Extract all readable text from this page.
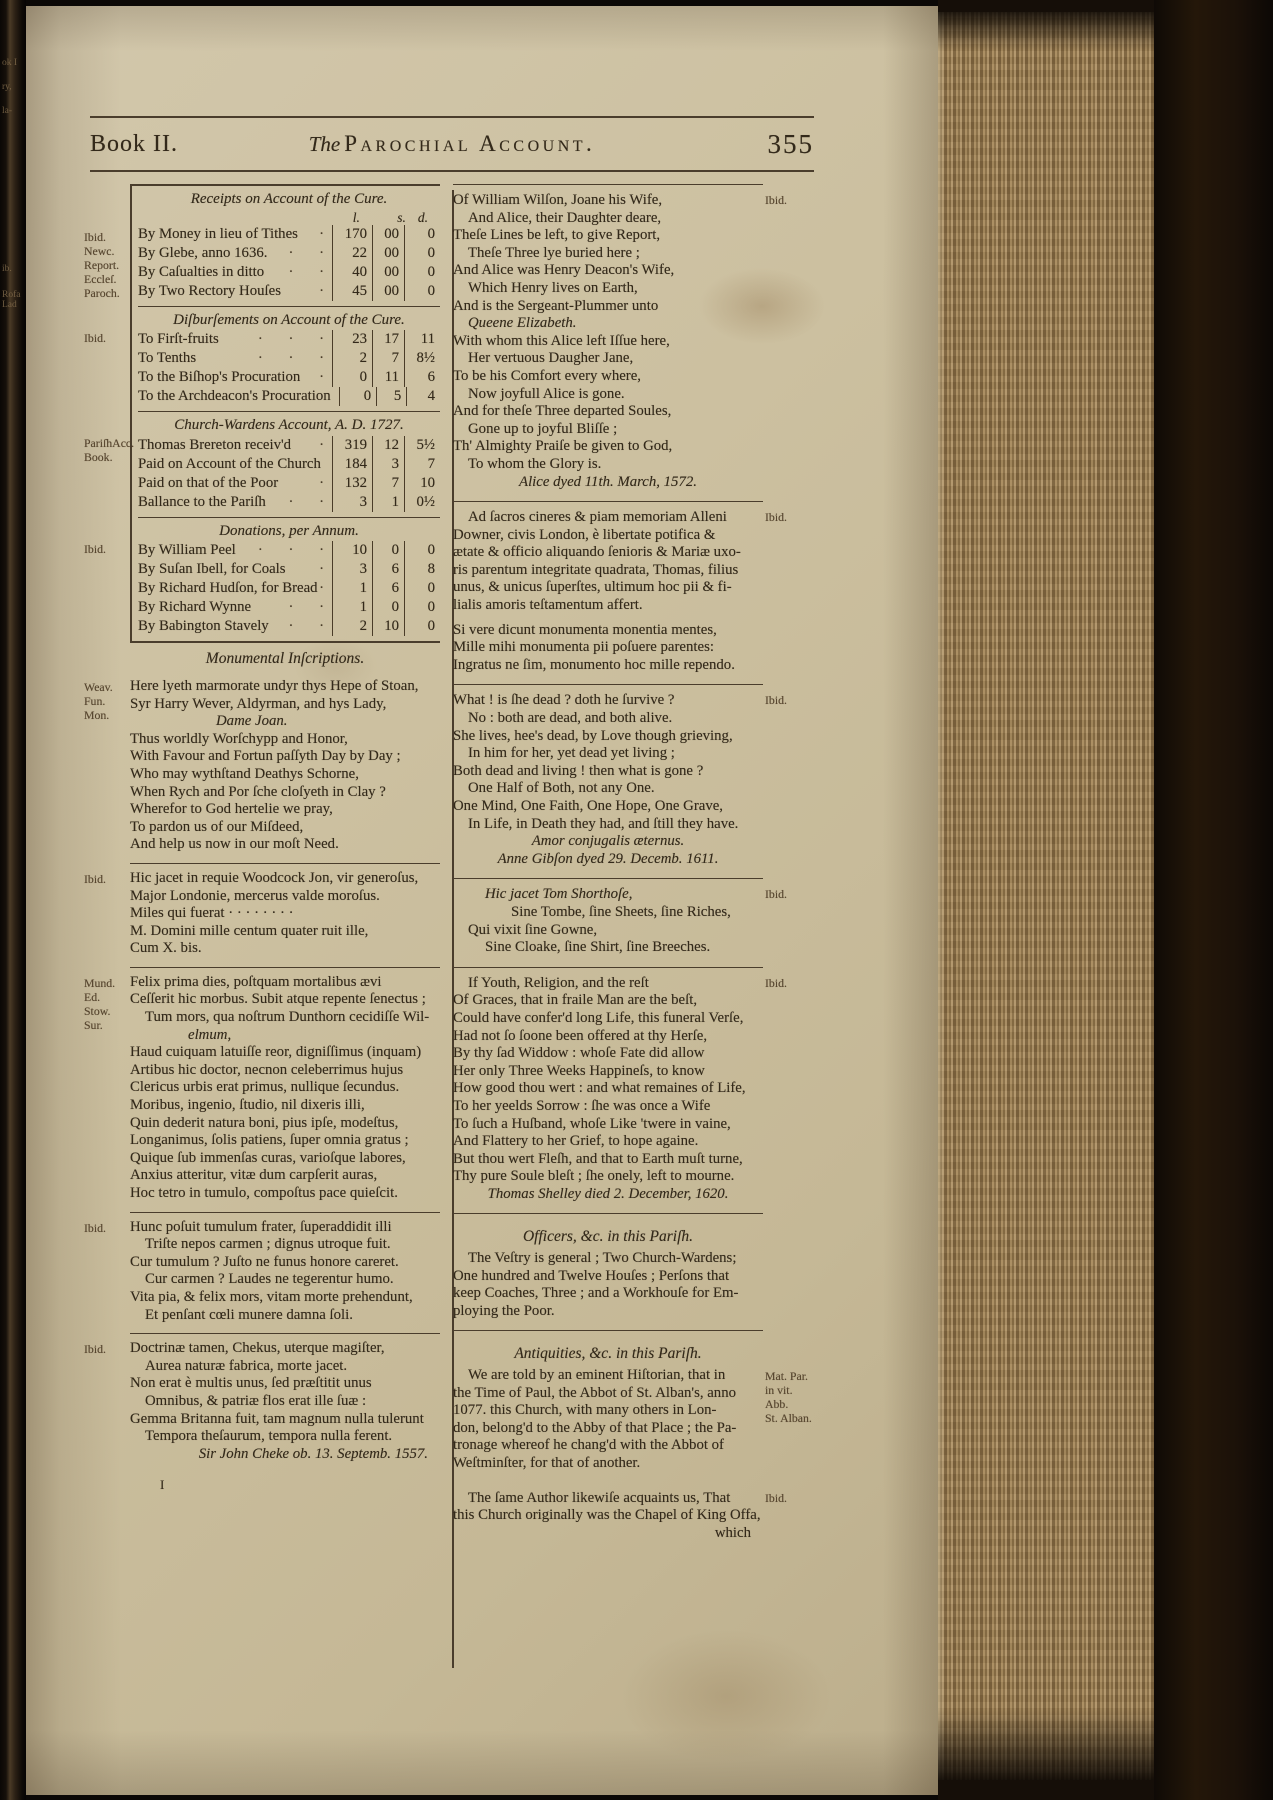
ok I
ry,
la-
ib.
Rofa
Lad
Book II.	The Parochial Account.	355
Ibid.
Newc.
Report.
Eccleſ.
Paroch.
Receipts on Account of the Cure.
l.	s. d.
By Money in lieu of Tithes ·	170	00	0
By Glebe, anno 1636. · ·	22	00	0
By Caſualties in ditto · ·	40	00	0
By Two Rectory Houſes	·	45	00	0
Ibid.
Diſburſements on Account of the Cure.
To Firſt-fruits	· · ·	23	17	11
To Tenths	· · ·	2	7	8½
To the Biſhop's Procuration ·	0	11	6
To the Archdeacon's Procuration	0	5	4
PariſhAcc.
Book.
Church-Wardens Account, A. D. 1727.
Thomas Brereton receiv'd ·	319	12	5½
Paid on Account of the Church	184	3	7
Paid on that of the Poor	·	132	7	10
Ballance to the Pariſh · ·	3	1	0½
Ibid.
Donations, per Annum.
By William Peel · · ·	10	0	0
By Suſan Ibell, for Coals ·	3	6	8
By Richard Hudſon, for Bread ·	1	6	0
By Richard Wynne	· ·	1	0	0
By Babington Stavely · ·	2	10	0
Monumental Inſcriptions.
Weav.
Fun. Mon.
Here lyeth marmorate undyr thys Hepe of Stoan,
Syr Harry Wever, Aldyrman, and hys Lady,
Dame Joan.
Thus worldly Worſchypp and Honor,
With Favour and Fortun paſſyth Day by Day ;
Who may wythſtand Deathys Schorne,
When Rych and Por ſche cloſyeth in Clay ?
Wherefor to God hertelie we pray,
To pardon us of our Miſdeed,
And help us now in our moſt Need.
Ibid.	Hic jacet in requie Woodcock Jon, vir generoſus,
Major Londonie, mercerus valde moroſus.
Miles qui fuerat · · · · · · · ·
M. Domini mille centum quater ruit ille,
Cum X. bis.
Mund. Ed.
Stow. Sur.
Felix prima dies, poſtquam mortalibus ævi
Ceſſerit hic morbus. Subit atque repente ſenectus ;
Tum mors, qua noſtrum Dunthorn cecidiſſe Wil-
elmum,
Haud cuiquam latuiſſe reor, digniſſimus (inquam)
Artibus hic doctor, necnon celeberrimus hujus
Clericus urbis erat primus, nullique ſecundus.
Moribus, ingenio, ſtudio, nil dixeris illi,
Quin dederit natura boni, pius ipſe, modeſtus,
Longanimus, ſolis patiens, ſuper omnia gratus ;
Quique ſub immenſas curas, varioſque labores,
Anxius atteritur, vitæ dum carpſerit auras,
Hoc tetro in tumulo, compoſtus pace quieſcit.
Ibid.	Hunc poſuit tumulum frater, ſuperaddidit illi
Triſte nepos carmen ; dignus utroque fuit.
Cur tumulum ? Juſto ne funus honore careret.
Cur carmen ? Laudes ne tegerentur humo.
Vita pia, & felix mors, vitam morte prehendunt,
Et penſant cœli munere damna ſoli.
Ibid.	Doctrinæ tamen, Chekus, uterque magiſter,
Aurea naturæ fabrica, morte jacet.
Non erat è multis unus, ſed præſtitit unus
Omnibus, & patriæ flos erat ille ſuæ :
Gemma Britanna fuit, tam magnum nulla tulerunt
Tempora theſaurum, tempora nulla ferent.
Sir John Cheke ob. 13. Septemb. 1557.
I
Ibid.
Of William Wilſon, Joane his Wife,
And Alice, their Daughter deare,
Theſe Lines be left, to give Report,
Theſe Three lye buried here ;
And Alice was Henry Deacon's Wife,
Which Henry lives on Earth,
And is the Sergeant-Plummer unto
Queene Elizabeth.
With whom this Alice left Iſſue here,
Her vertuous Daugher Jane,
To be his Comfort every where,
Now joyfull Alice is gone.
And for theſe Three departed Soules,
Gone up to joyful Bliſſe ;
Th' Almighty Praiſe be given to God,
To whom the Glory is.
Alice dyed 11th. March, 1572.
Ibid.
Ad ſacros cineres & piam memoriam Alleni
Downer, civis London, è libertate potifica &
ætate & officio aliquando ſenioris & Mariæ uxo-
ris parentum integritate quadrata, Thomas, filius
unus, & unicus ſuperſtes, ultimum hoc pii & fi-
lialis amoris teſtamentum affert.
Si vere dicunt monumenta monentia mentes,
Mille mihi monumenta pii poſuere parentes:
Ingratus ne ſim, monumento hoc mille rependo.
Ibid.
What ! is ſhe dead ? doth he ſurvive ?
No : both are dead, and both alive.
She lives, hee's dead, by Love though grieving,
In him for her, yet dead yet living ;
Both dead and living ! then what is gone ?
One Half of Both, not any One.
One Mind, One Faith, One Hope, One Grave,
In Life, in Death they had, and ſtill they have.
Amor conjugalis æternus.
Anne Gibſon dyed 29. Decemb. 1611.
Ibid.
Hic jacet Tom Shorthoſe,
Sine Tombe, ſine Sheets, ſine Riches,
Qui vixit ſine Gowne,
Sine Cloake, ſine Shirt, ſine Breeches.
Ibid.
If Youth, Religion, and the reſt
Of Graces, that in fraile Man are the beſt,
Could have confer'd long Life, this funeral Verſe,
Had not ſo ſoone been offered at thy Herſe,
By thy ſad Widdow : whoſe Fate did allow
Her only Three Weeks Happineſs, to know
How good thou wert : and what remaines of Life,
To her yeelds Sorrow : ſhe was once a Wife
To ſuch a Huſband, whoſe Like 'twere in vaine,
And Flattery to her Grief, to hope againe.
But thou wert Fleſh, and that to Earth muſt turne,
Thy pure Soule bleſt ; ſhe onely, left to mourne.
Thomas Shelley died 2. December, 1620.
Officers, &c. in this Pariſh.
The Veſtry is general ; Two Church-Wardens;
One hundred and Twelve Houſes ; Perſons that
keep Coaches, Three ; and a Workhouſe for Em-
ploying the Poor.
Mat. Par.
in vit. Abb.
St. Alban.
Antiquities, &c. in this Pariſh.
We are told by an eminent Hiſtorian, that in
the Time of Paul, the Abbot of St. Alban's, anno
1077. this Church, with many others in Lon-
don, belong'd to the Abby of that Place ; the Pa-
tronage whereof he chang'd with the Abbot of
Weſtminſter, for that of another.
Ibid.
The ſame Author likewiſe acquaints us, That
this Church originally was the Chapel of King Offa,
which
